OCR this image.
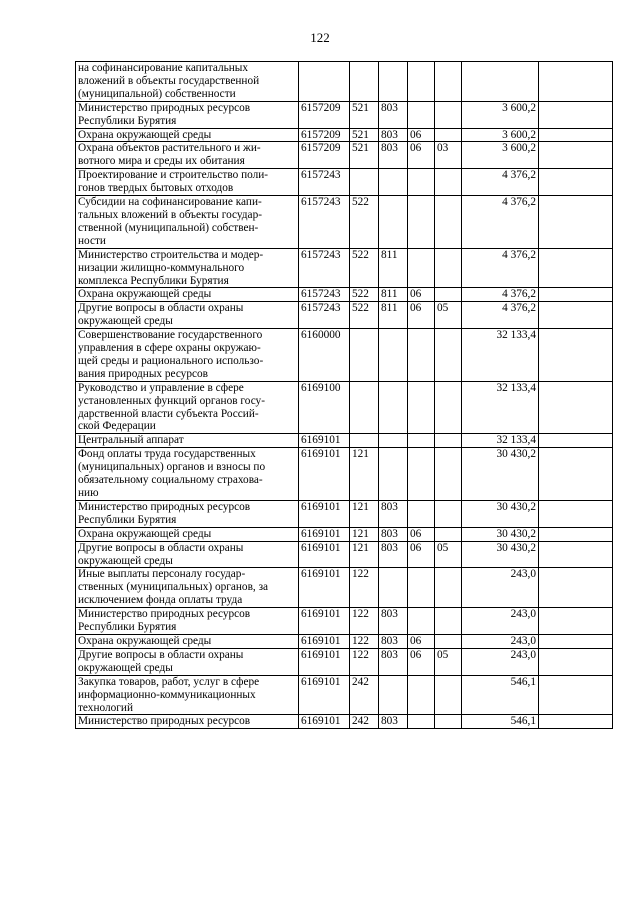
122
на софинансирование капитальных
вложений в объекты государственной
(муниципальной) собственности							
Министерство природных ресурсов
Республики Бурятия	6157209	521	803			3 600,2	
Охрана окружающей среды	6157209	521	803	06		3 600,2	
Охрана объектов растительного и жи-
вотного мира и среды их обитания	6157209	521	803	06	03	3 600,2	
Проектирование и строительство поли-
гонов твердых бытовых отходов	6157243					4 376,2	
Субсидии на софинансирование капи-
тальных вложений в объекты государ-
ственной (муниципальной) собствен-
ности	6157243	522				4 376,2	
Министерство строительства и модер-
низации жилищно-коммунального
комплекса Республики Бурятия	6157243	522	811			4 376,2	
Охрана окружающей среды	6157243	522	811	06		4 376,2	
Другие вопросы в области охраны
окружающей среды	6157243	522	811	06	05	4 376,2	
Совершенствование государственного
управления в сфере охраны окружаю-
щей среды и рационального использо-
вания природных ресурсов	6160000					32 133,4	
Руководство и управление в сфере
установленных функций органов госу-
дарственной власти субъекта Россий-
ской Федерации	6169100					32 133,4	
Центральный аппарат	6169101					32 133,4	
Фонд оплаты труда государственных
(муниципальных) органов и взносы по
обязательному социальному страхова-
нию	6169101	121				30 430,2	
Министерство природных ресурсов
Республики Бурятия	6169101	121	803			30 430,2	
Охрана окружающей среды	6169101	121	803	06		30 430,2	
Другие вопросы в области охраны
окружающей среды	6169101	121	803	06	05	30 430,2	
Иные выплаты персоналу государ-
ственных (муниципальных) органов, за
исключением фонда оплаты труда	6169101	122				243,0	
Министерство природных ресурсов
Республики Бурятия	6169101	122	803			243,0	
Охрана окружающей среды	6169101	122	803	06		243,0	
Другие вопросы в области охраны
окружающей среды	6169101	122	803	06	05	243,0	
Закупка товаров, работ, услуг в сфере
информационно-коммуникационных
технологий	6169101	242				546,1	
Министерство природных ресурсов	6169101	242	803			546,1	
